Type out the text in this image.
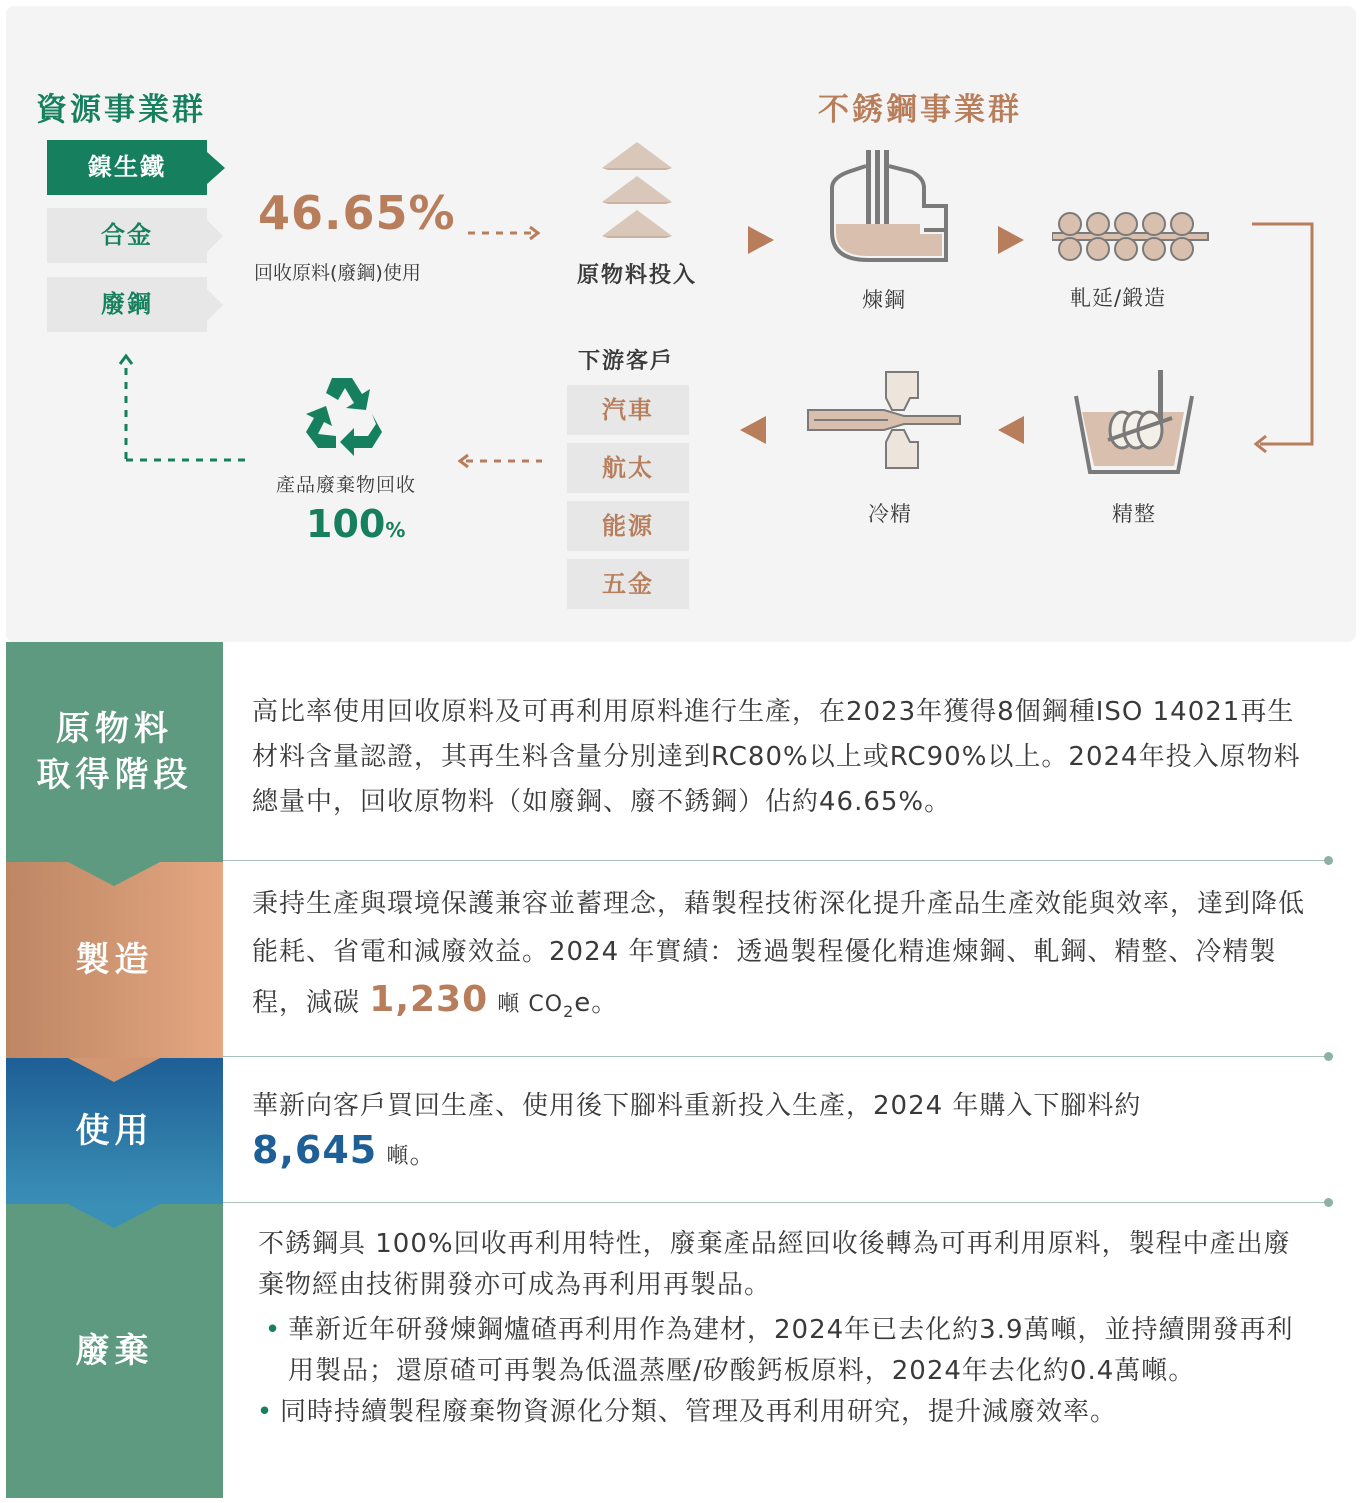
資源事業群	不銹鋼事業群
鎳生鐵
合金
廢鋼
46.65%
回收原料(廢鋼)使用	原物料投入
煉鋼	軋延/鍛造
精整
冷精
下游客戶
汽車
航太
能源
五金
產品廢棄物回收
100%
原物料
取得階段
高比率使用回收原料及可再利用原料進行生產，在2023年獲得8個鋼種ISO 14021再生材料含量認證，其再生料含量分別達到RC80%以上或RC90%以上。2024年投入原物料總量中，回收原物料（如廢鋼、廢不銹鋼）佔約46.65%。
製造
秉持生產與環境保護兼容並蓄理念，藉製程技術深化提升產品生產效能與效率，達到降低能耗、省電和減廢效益。2024 年實績：透過製程優化精進煉鋼、軋鋼、精整、冷精製程，減碳 1,230 噸 $CO_2e$。
使用
華新向客戶買回生產、使用後下腳料重新投入生產，2024 年購入下腳料約
8,645 噸。
廢棄
不銹鋼具 100%回收再利用特性，廢棄產品經回收後轉為可再利用原料，製程中產出廢棄物經由技術開發亦可成為再利用再製品。
• 華新近年研發煉鋼爐碴再利用作為建材，2024年已去化約3.9萬噸，並持續開發再利用製品；還原碴可再製為低溫蒸壓/矽酸鈣板原料，2024年去化約0.4萬噸。
• 同時持續製程廢棄物資源化分類、管理及再利用研究，提升減廢效率。
